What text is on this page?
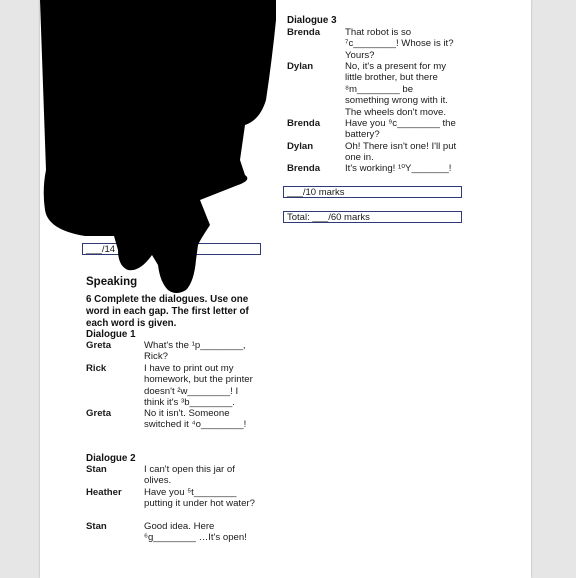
Dialogue 3
Brenda	That robot is so ⁷c________! Whose is it? Yours?
Dylan	No, it's a present for my little brother, but there ⁸m________ be something wrong with it. The wheels don't move.
Brenda	Have you ⁹c________ the battery?
Dylan	Oh! There isn't one! I'll put one in.
Brenda	It's working! ¹⁰Y_______!
___/10 marks
Total: ___/60 marks
___/14
Speaking
6 Complete the dialogues. Use one word in each gap. The first letter of each word is given.
Dialogue 1
Greta	What's the ¹p________, Rick?
Rick	I have to print out my homework, but the printer doesn't ²w________! I think it's ³b________.
Greta	No it isn't. Someone switched it ⁴o________!
Dialogue 2
Stan	I can't open this jar of olives.
Heather Have you ⁵t________ putting it under hot water?
Stan	Good idea. Here ⁶g________ …It's open!
